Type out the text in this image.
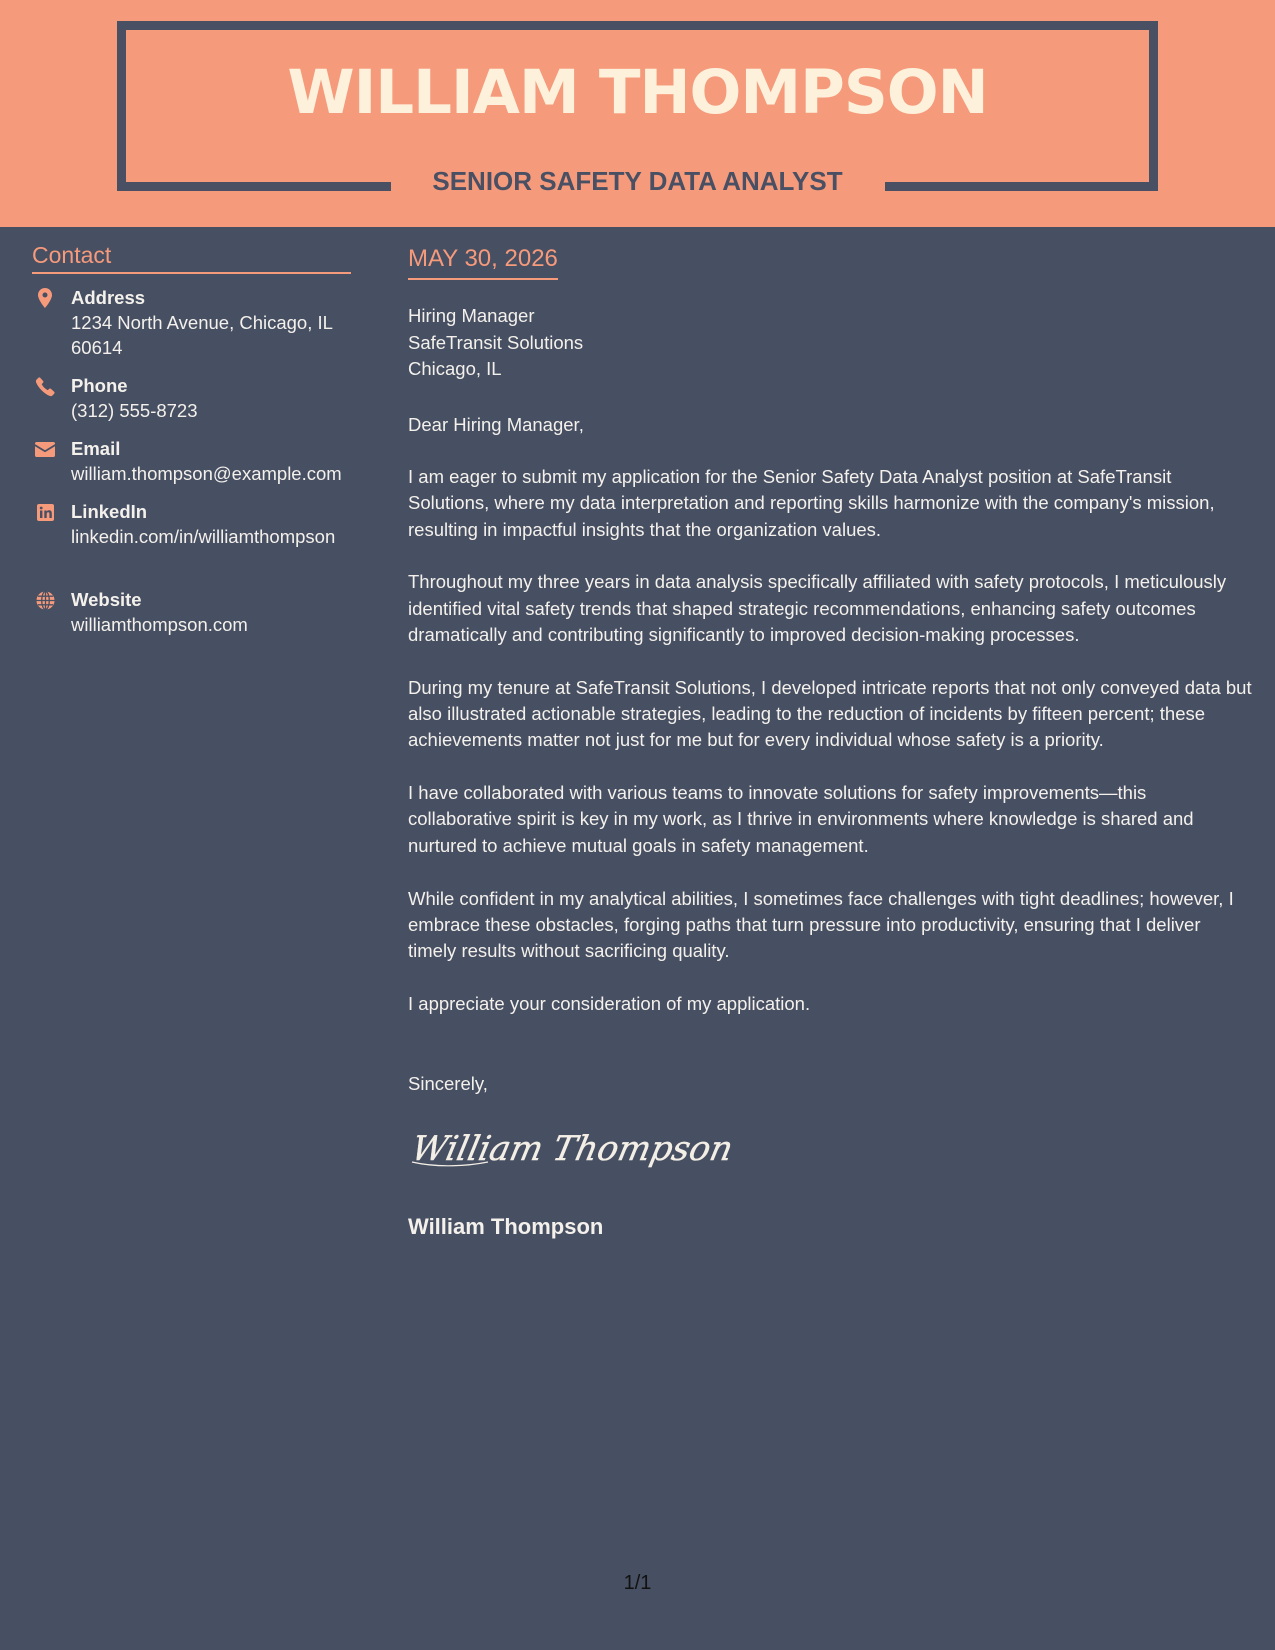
WILLIAM THOMPSON
SENIOR SAFETY DATA ANALYST
Contact
Address
1234 North Avenue, Chicago, IL 60614
Phone
(312) 555-8723
Email
william.thompson@example.com
LinkedIn
linkedin.com/in/williamthompson
Website
williamthompson.com
MAY 30, 2026
Hiring Manager
SafeTransit Solutions
Chicago, IL
Dear Hiring Manager,

I am eager to submit my application for the Senior Safety Data Analyst position at SafeTransit Solutions, where my data interpretation and reporting skills harmonize with the company's mission, resulting in impactful insights that the organization values.

Throughout my three years in data analysis specifically affiliated with safety protocols, I meticulously identified vital safety trends that shaped strategic recommendations, enhancing safety outcomes dramatically and contributing significantly to improved decision-making processes.

During my tenure at SafeTransit Solutions, I developed intricate reports that not only conveyed data but also illustrated actionable strategies, leading to the reduction of incidents by fifteen percent; these achievements matter not just for me but for every individual whose safety is a priority.

I have collaborated with various teams to innovate solutions for safety improvements—this collaborative spirit is key in my work, as I thrive in environments where knowledge is shared and nurtured to achieve mutual goals in safety management.

While confident in my analytical abilities, I sometimes face challenges with tight deadlines; however, I embrace these obstacles, forging paths that turn pressure into productivity, ensuring that I deliver timely results without sacrificing quality.

I appreciate your consideration of my application.

Sincerely,
William Thompson
William Thompson
1/1
